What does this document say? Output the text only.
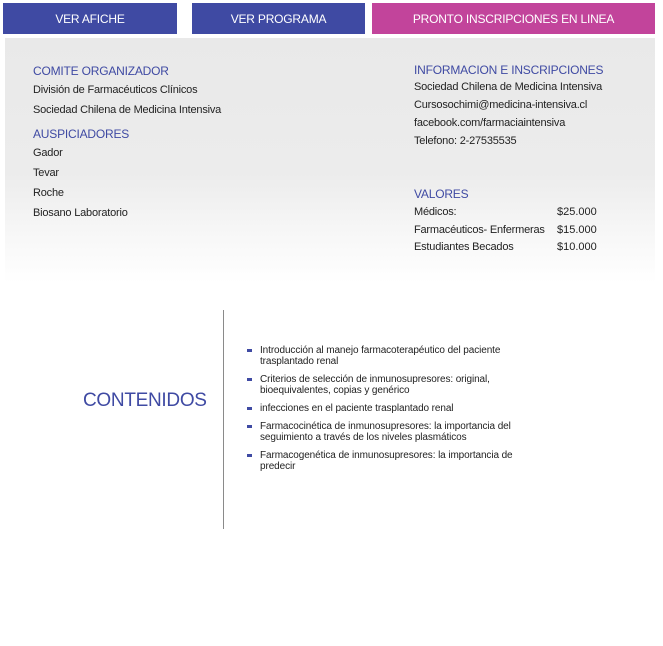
VER AFICHE	VER PROGRAMA	PRONTO INSCRIPCIONES EN LINEA
COMITE ORGANIZADOR
División de Farmacéuticos Clínicos
Sociedad Chilena de Medicina Intensiva
AUSPICIADORES
Gador
Tevar
Roche
Biosano Laboratorio
INFORMACION E INSCRIPCIONES
Sociedad Chilena de Medicina Intensiva
Cursosochimi@medicina-intensiva.cl
facebook.com/farmaciaintensiva
Telefono: 2-27535535
VALORES
Médicos:	$25.000
Farmacéuticos- Enfermeras $15.000
Estudiantes Becados	$10.000
CONTENIDOS
Introducción al manejo farmacoterapéutico del paciente trasplantado renal
Criterios de selección de inmunosupresores: original, bioequivalentes, copias y genérico
infecciones en el paciente trasplantado renal
Farmacocinética de inmunosupresores: la importancia del seguimiento a través de los niveles plasmáticos
Farmacogenética de inmunosupresores: la importancia de predecir
